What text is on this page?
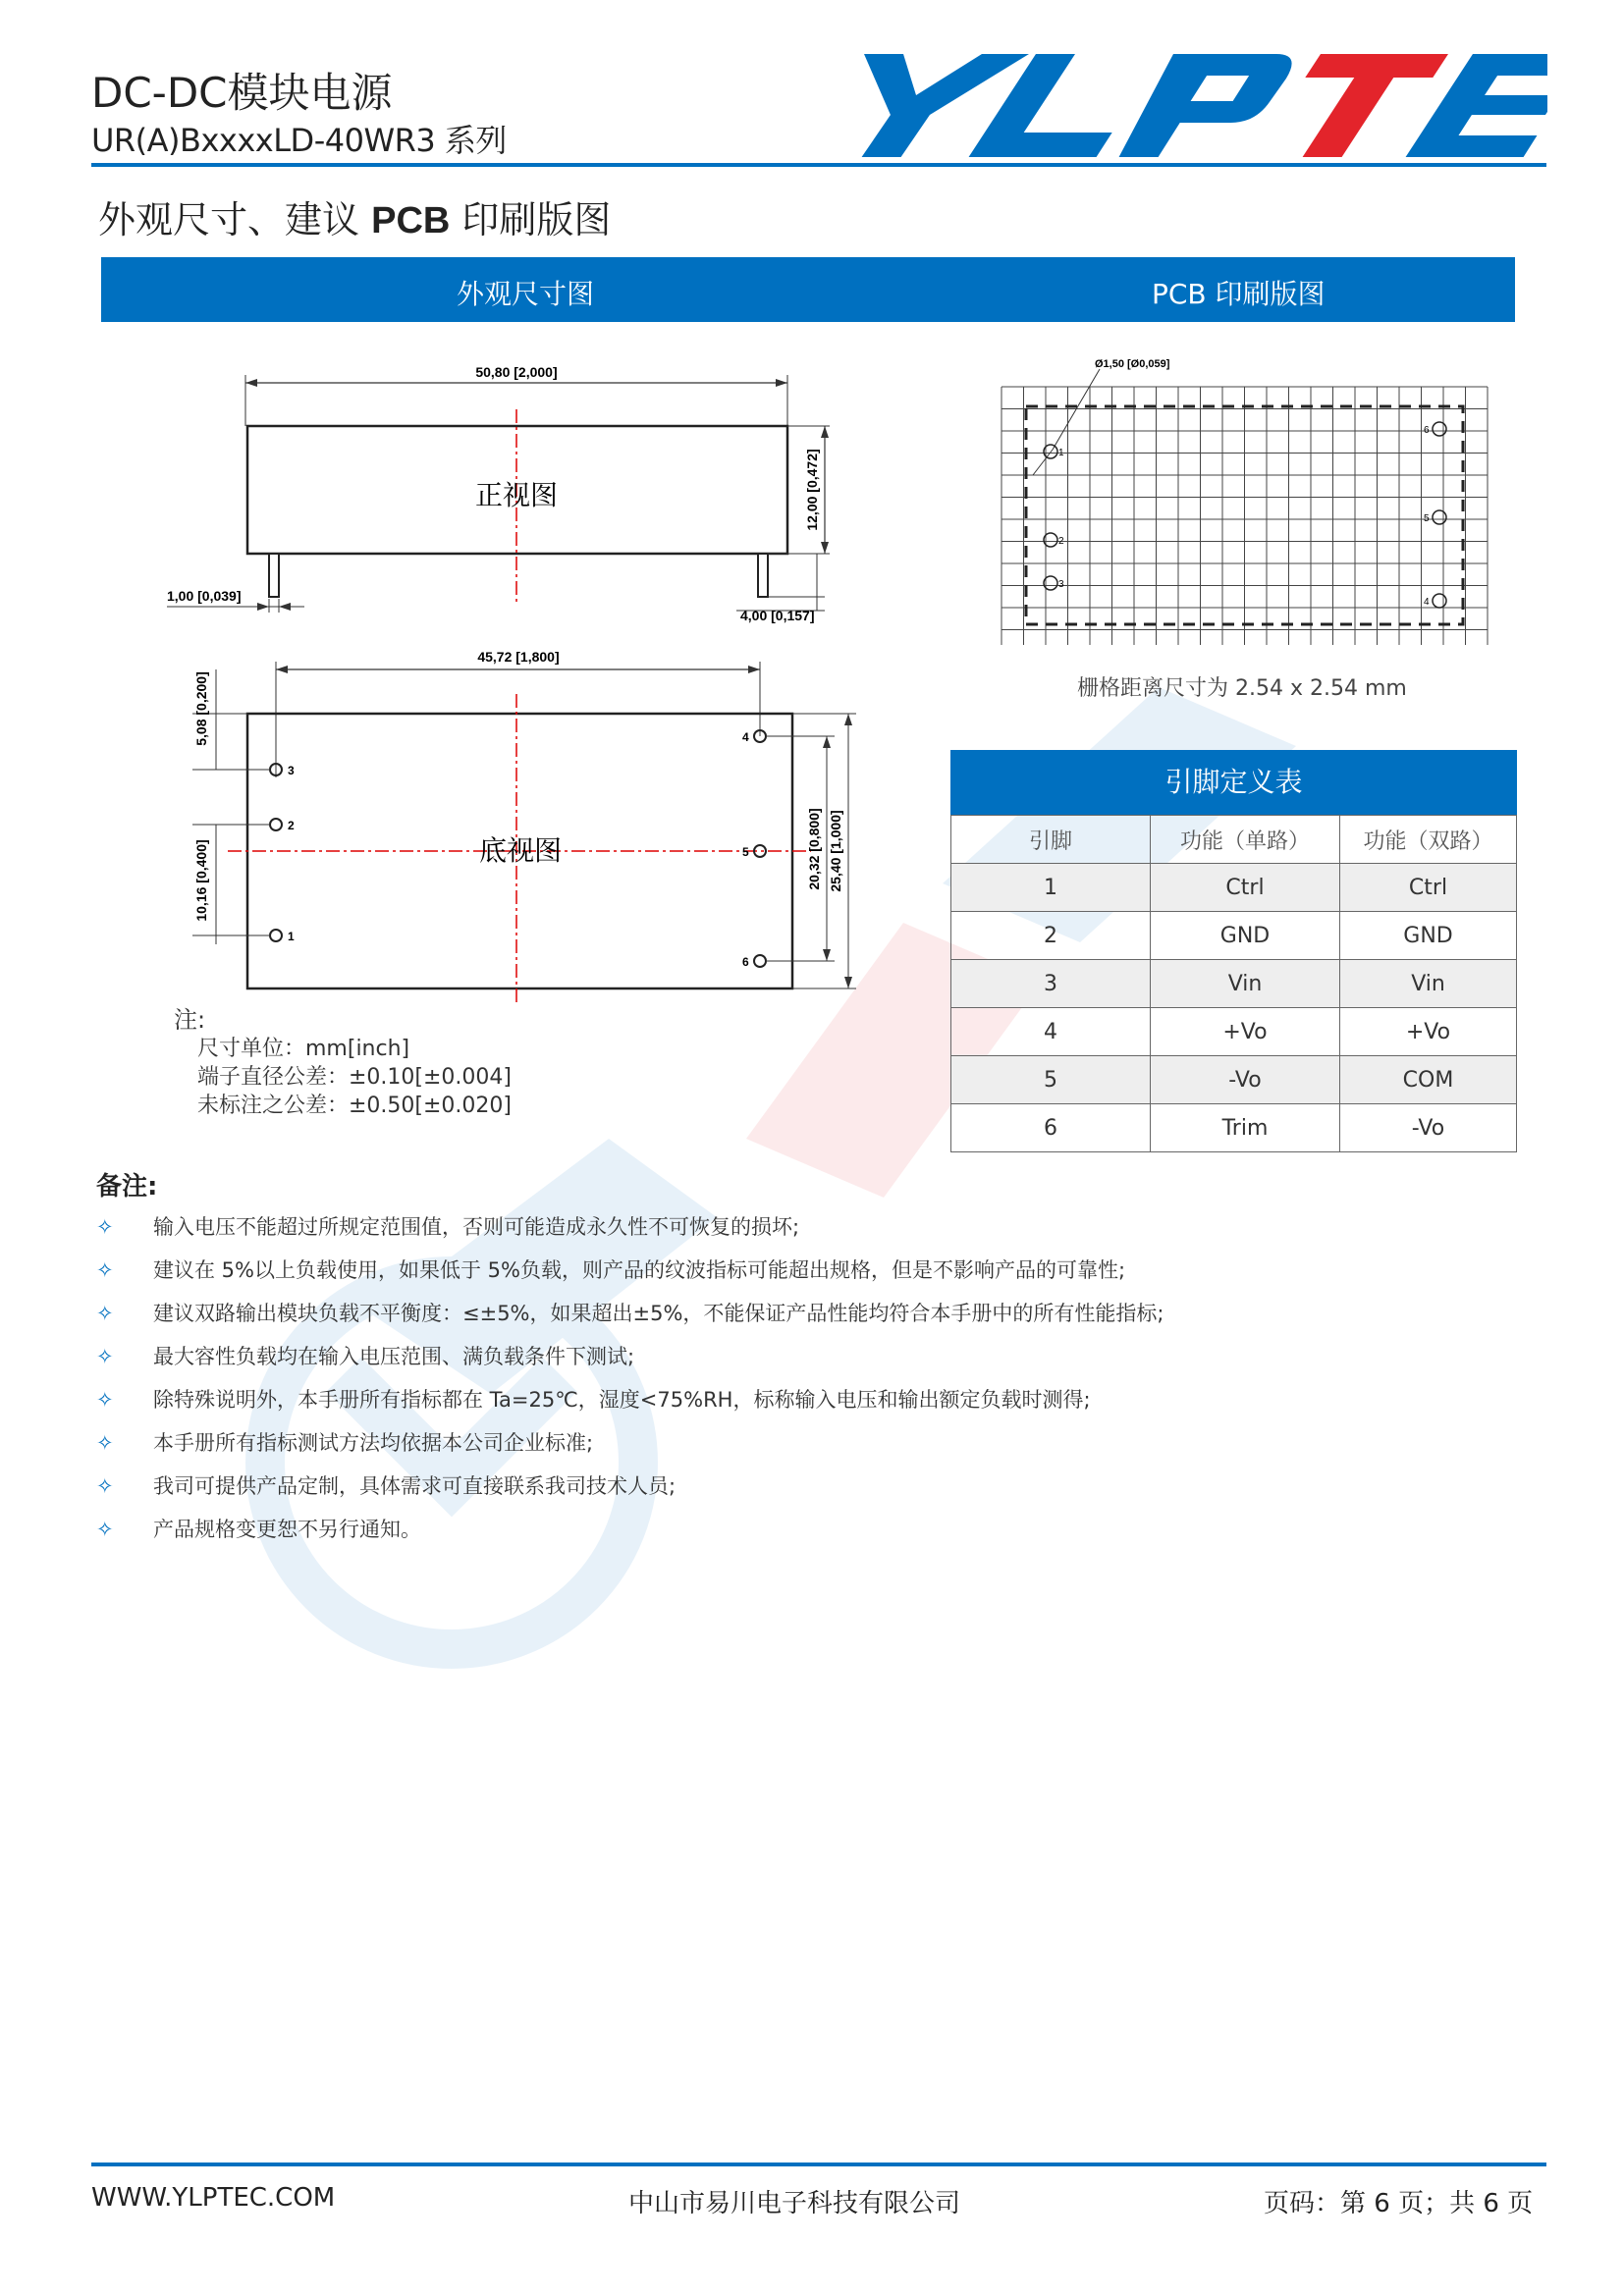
DC-DC模块电源
UR(A)BxxxxLD-40WR3 系列
外观尺寸、建议 PCB 印刷版图
外观尺寸图	PCB 印刷版图
50,80 [2,000]
正视图	12,00 [0,472]
1,00 [0,039]
4,00 [0,157]
45,72 [1,800]
底视图
3
2
1
4
5
6
5,08 [0,200]
10,16 [0,400]	20,32 [0,800] 25,40 [1,000]
Ø1,50 [Ø0,059]
1
2
3
4
5
6
栅格距离尺寸为 2.54 x 2.54 mm
注:
尺寸单位：mm[inch]
端子直径公差：±0.10[±0.004]
未标注之公差：±0.50[±0.020]
引脚定义表
引脚	功能（单路）	功能（双路）
1	Ctrl	Ctrl
2	GND	GND
3	Vin	Vin
4	+Vo	+Vo
5	-Vo	COM
6	Trim	-Vo
备注:
✧ 输入电压不能超过所规定范围值，否则可能造成永久性不可恢复的损坏;
✧ 建议在 5%以上负载使用，如果低于 5%负载，则产品的纹波指标可能超出规格，但是不影响产品的可靠性;
✧ 建议双路输出模块负载不平衡度：≤±5%，如果超出±5%，不能保证产品性能均符合本手册中的所有性能指标;
✧ 最大容性负载均在输入电压范围、满负载条件下测试;
✧ 除特殊说明外，本手册所有指标都在 Ta=25℃，湿度<75%RH，标称输入电压和输出额定负载时测得;
✧ 本手册所有指标测试方法均依据本公司企业标准;
✧ 我司可提供产品定制，具体需求可直接联系我司技术人员;
✧ 产品规格变更恕不另行通知。
WWW.YLPTEC.COM	中山市易川电子科技有限公司	页码：第 6 页；共 6 页
